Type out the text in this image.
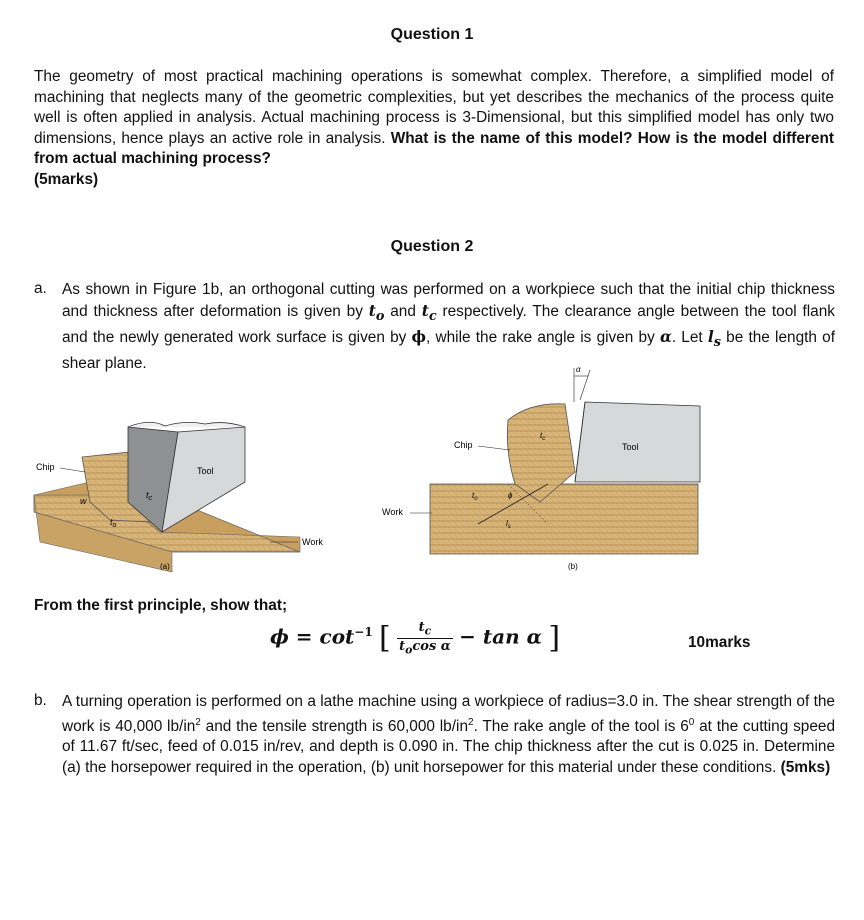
Question 1

The geometry of most practical machining operations is somewhat complex. Therefore, a simplified model of machining that neglects many of the geometric complexities, but yet describes the mechanics of the process quite well is often applied in analysis. Actual machining process is 3-Dimensional, but this simplified model has only two dimensions, hence plays an active role in analysis. What is the name of this model? How is the model different from actual machining process?
(5marks)

Question 2
a. As shown in Figure 1b, an orthogonal cutting was performed on a workpiece such that the initial chip thickness and thickness after deformation is given by $t_o$ and $t_c$ respectively. The clearance angle between the tool flank and the newly generated work surface is given by ϕ, while the rake angle is given by α. Let $l_s$ be the length of shear plane.
Chip	Tool
Work
w
$t_c$
$t_o$
(a)
α
Chip	Tool
Work
$t_c$
$t_o$	ϕ
$l_s$
(b)
From the first principle, show that;
$\phi = \cot^{-1}$ [ $\frac{t_c}{t_o\cos \alpha} - \tan \alpha$ ]	10marks
b. A turning operation is performed on a lathe machine using a workpiece of radius=3.0 in. The shear strength of the work is 40,000 $lb/in^2$ and the tensile strength is 60,000 $lb/in^2$. The rake angle of the tool is $6^0$ at the cutting speed of 11.67 ft/sec, feed of 0.015 in/rev, and depth is 0.090 in. The chip thickness after the cut is 0.025 in. Determine (a) the horsepower required in the operation, (b) unit horsepower for this material under these conditions. (5mks)
